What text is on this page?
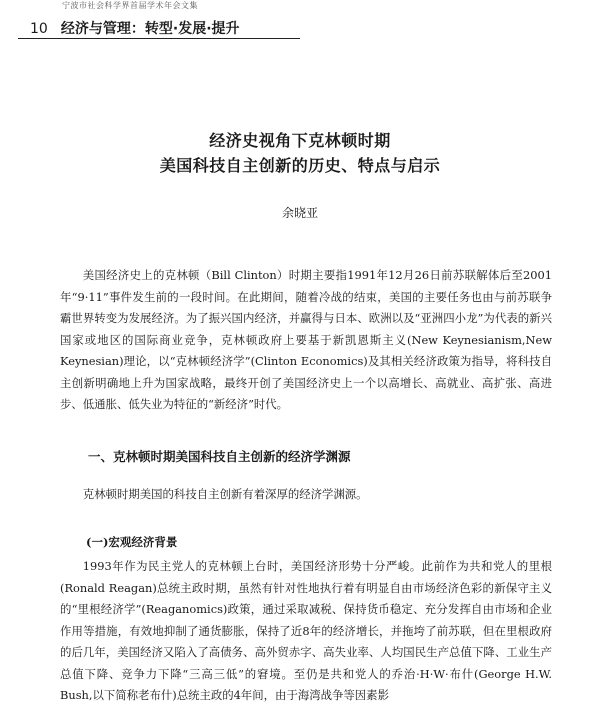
宁波市社会科学界首届学术年会文集
10 经济与管理：转型·发展·提升
经济史视角下克林顿时期
美国科技自主创新的历史、特点与启示
余晓亚
美国经济史上的克林顿（Bill Clinton）时期主要指1991年12月26日前苏联解体后至2001年“9·11”事件发生前的一段时间。在此期间，随着冷战的结束，美国的主要任务也由与前苏联争霸世界转变为发展经济。为了振兴国内经济，并赢得与日本、欧洲以及“亚洲四小龙”为代表的新兴国家或地区的国际商业竞争，克林顿政府上要基于新凯恩斯主义(New Keynesianism,New Keynesian)理论，以“克林顿经济学”(Clinton Economics)及其相关经济政策为指导，将科技自主创新明确地上升为国家战略，最终开创了美国经济史上一个以高增长、高就业、高扩张、高进步、低通胀、低失业为特征的“新经济”时代。
一、克林顿时期美国科技自主创新的经济学渊源
克林顿时期美国的科技自主创新有着深厚的经济学渊源。
(一)宏观经济背景
1993年作为民主党人的克林顿上台时，美国经济形势十分严峻。此前作为共和党人的里根(Ronald Reagan)总统主政时期，虽然有针对性地执行着有明显自由市场经济色彩的新保守主义的“里根经济学”(Reaganomics)政策，通过采取减税、保持货币稳定、充分发挥自由市场和企业作用等措施，有效地抑制了通货膨胀，保持了近8年的经济增长，并拖垮了前苏联，但在里根政府的后几年，美国经济又陷入了高债务、高外贸赤字、高失业率、人均国民生产总值下降、工业生产总值下降、竞争力下降“三高三低”的窘境。至仍是共和党人的乔治·H·W·布什(George H.W. Bush,以下简称老布什)总统主政的4年间，由于海湾战争等因素影
